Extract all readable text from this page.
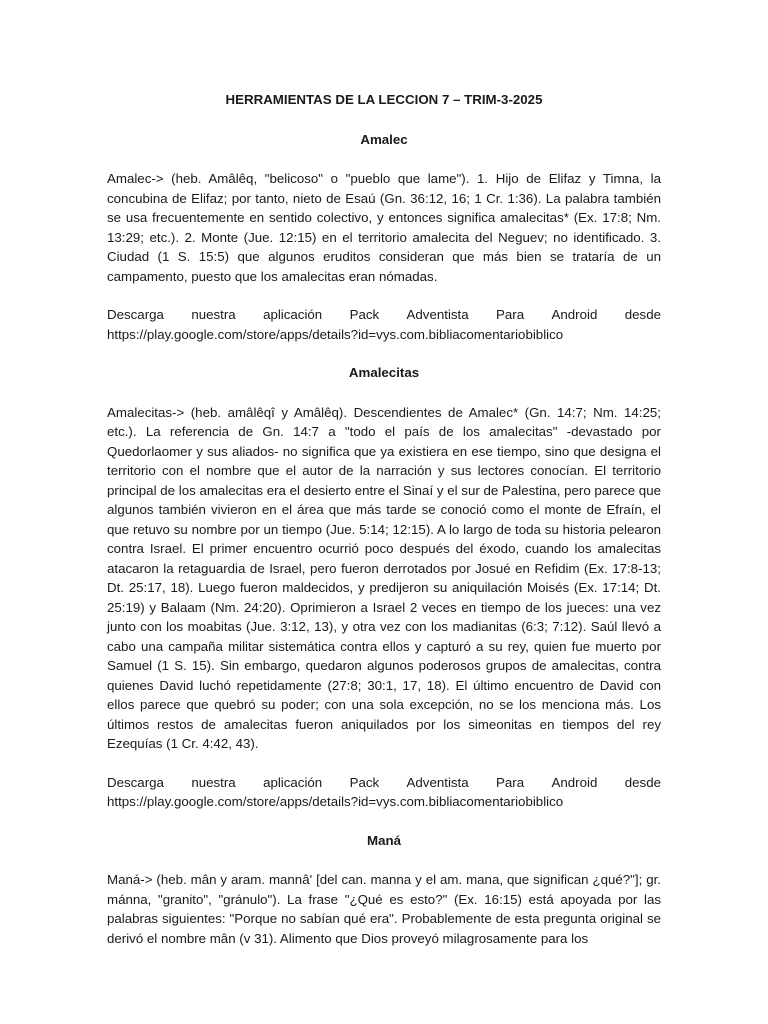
HERRAMIENTAS DE LA LECCION 7 – TRIM-3-2025
Amalec
Amalec-> (heb. Amâlêq, "belicoso" o "pueblo que lame"). 1. Hijo de Elifaz y Timna, la concubina de Elifaz; por tanto, nieto de Esaú (Gn. 36:12, 16; 1 Cr. 1:36). La palabra también se usa frecuentemente en sentido colectivo, y entonces significa amalecitas* (Ex. 17:8; Nm. 13:29; etc.). 2. Monte (Jue. 12:15) en el territorio amalecita del Neguev; no identificado. 3. Ciudad (1 S. 15:5) que algunos eruditos consideran que más bien se trataría de un campamento, puesto que los amalecitas eran nómadas.
Descarga nuestra aplicación Pack Adventista Para Android desde
https://play.google.com/store/apps/details?id=vys.com.bibliacomentariobiblico
Amalecitas
Amalecitas-> (heb. amâlêqî y Amâlêq). Descendientes de Amalec* (Gn. 14:7; Nm. 14:25; etc.). La referencia de Gn. 14:7 a "todo el país de los amalecitas" -devastado por Quedorlaomer y sus aliados- no significa que ya existiera en ese tiempo, sino que designa el territorio con el nombre que el autor de la narración y sus lectores conocían. El territorio principal de los amalecitas era el desierto entre el Sinaí y el sur de Palestina, pero parece que algunos también vivieron en el área que más tarde se conoció como el monte de Efraín, el que retuvo su nombre por un tiempo (Jue. 5:14; 12:15). A lo largo de toda su historia pelearon contra Israel. El primer encuentro ocurrió poco después del éxodo, cuando los amalecitas atacaron la retaguardia de Israel, pero fueron derrotados por Josué en Refidim (Ex. 17:8-13; Dt. 25:17, 18). Luego fueron maldecidos, y predijeron su aniquilación Moisés (Ex. 17:14; Dt. 25:19) y Balaam (Nm. 24:20). Oprimieron a Israel 2 veces en tiempo de los jueces: una vez junto con los moabitas (Jue. 3:12, 13), y otra vez con los madianitas (6:3; 7:12). Saúl llevó a cabo una campaña militar sistemática contra ellos y capturó a su rey, quien fue muerto por Samuel (1 S. 15). Sin embargo, quedaron algunos poderosos grupos de amalecitas, contra quienes David luchó repetidamente (27:8; 30:1, 17, 18). El último encuentro de David con ellos parece que quebró su poder; con una sola excepción, no se los menciona más. Los últimos restos de amalecitas fueron aniquilados por los simeonitas en tiempos del rey Ezequías (1 Cr. 4:42, 43).
Descarga nuestra aplicación Pack Adventista Para Android desde
https://play.google.com/store/apps/details?id=vys.com.bibliacomentariobiblico
Maná
Maná-> (heb. mân y aram. mannâ' [del can. manna y el am. mana, que significan ¿qué?"]; gr. mánna, "granito", "gránulo"). La frase "¿Qué es esto?" (Ex. 16:15) está apoyada por las palabras siguientes: "Porque no sabían qué era". Probablemente de esta pregunta original se derivó el nombre mân (v 31). Alimento que Dios proveyó milagrosamente para los
